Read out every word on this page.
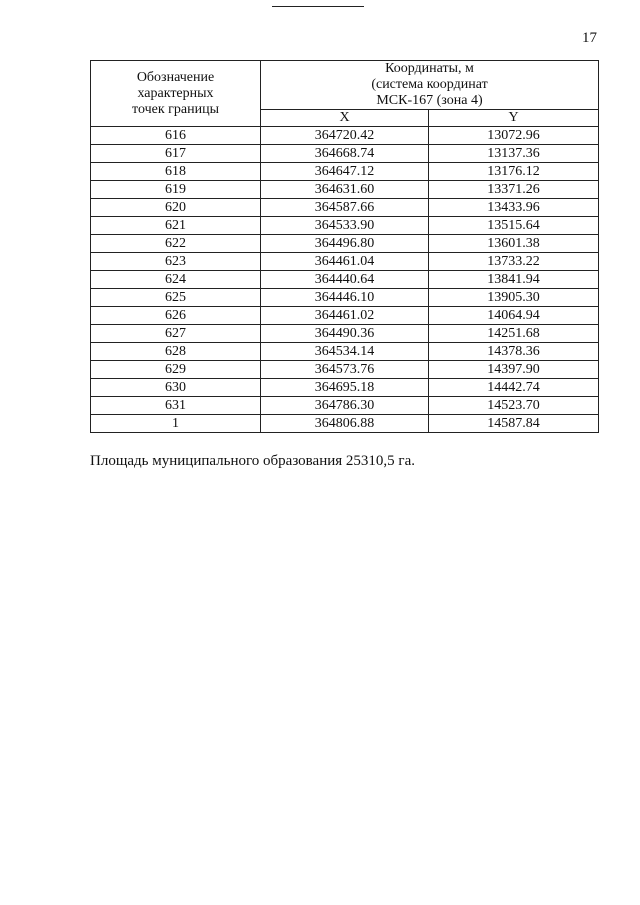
17
Обозначение
характерных
точек границы	Координаты, м
(система координат
МСК-167 (зона 4)	

	X	Y
616	364720.42	13072.96
617	364668.74	13137.36
618	364647.12	13176.12
619	364631.60	13371.26
620	364587.66	13433.96
621	364533.90	13515.64
622	364496.80	13601.38
623	364461.04	13733.22
624	364440.64	13841.94
625	364446.10	13905.30
626	364461.02	14064.94
627	364490.36	14251.68
628	364534.14	14378.36
629	364573.76	14397.90
630	364695.18	14442.74
631	364786.30	14523.70
1	364806.88	14587.84
Площадь муниципального образования 25310,5 га.
